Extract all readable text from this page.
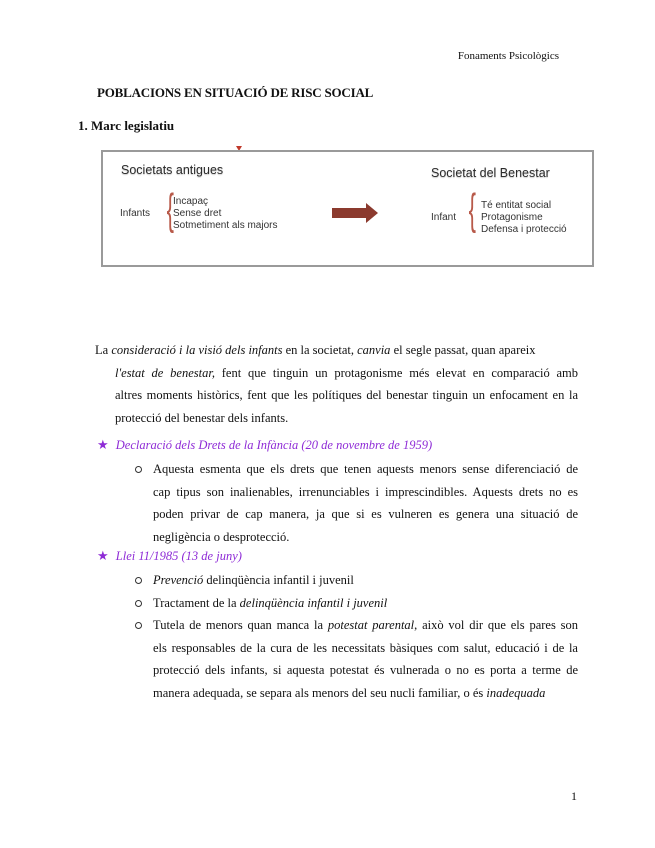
Fonaments Psicològics
POBLACIONS EN SITUACIÓ DE RISC SOCIAL
1. Marc legislatiu
Societats antigues
Infants {
Incapaç
Sense dret
Sotmetiment als majors
Societat del Benestar
Infant { Té entitat social
Protagonisme
Defensa i protecció
La consideració i la visió dels infants en la societat, canvia el segle passat, quan apareix
l'estat de benestar, fent que tinguin un protagonisme més elevat en comparació amb
altres moments històrics, fent que les polítiques del benestar tinguin un enfocament en la
protecció del benestar dels infants.
★ Declaració dels Drets de la Infància (20 de novembre de 1959)
Aquesta esmenta que els drets que tenen aquests menors sense diferenciació de
cap tipus son inalienables, irrenunciables i imprescindibles. Aquests drets no es
poden privar de cap manera, ja que si es vulneren es genera una situació de
negligència o desprotecció.
★ Llei 11/1985 (13 de juny)
Prevenció delinqüència infantil i juvenil
Tractament de la delinqüència infantil i juvenil
Tutela de menors quan manca la potestat parental, això vol dir que els pares son
els responsables de la cura de les necessitats bàsiques com salut, educació i de la
protecció dels infants, si aquesta potestat és vulnerada o no es porta a terme de
manera adequada, se separa als menors del seu nucli familiar, o és inadequada
1
